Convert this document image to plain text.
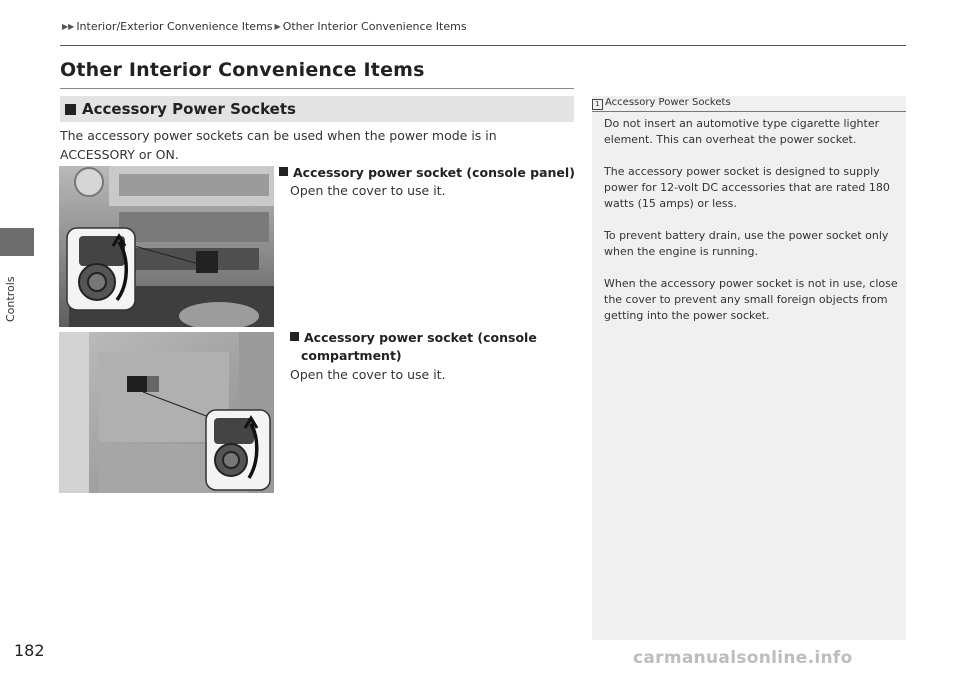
Controls
▶▶ Interior/Exterior Convenience Items ▶ Other Interior Convenience Items
Other Interior Convenience Items
Accessory Power Sockets
The accessory power sockets can be used when the power mode is in ACCESSORY or ON.
Accessory power socket (console panel)
Open the cover to use it.
Accessory power socket (console compartment)
Open the cover to use it.
1 Accessory Power Sockets

Do not insert an automotive type cigarette lighter element. This can overheat the power socket.

The accessory power socket is designed to supply power for 12-volt DC accessories that are rated 180 watts (15 amps) or less.

To prevent battery drain, use the power socket only when the engine is running.

When the accessory power socket is not in use, close the cover to prevent any small foreign objects from getting into the power socket.

182	carmanualsonline.info
